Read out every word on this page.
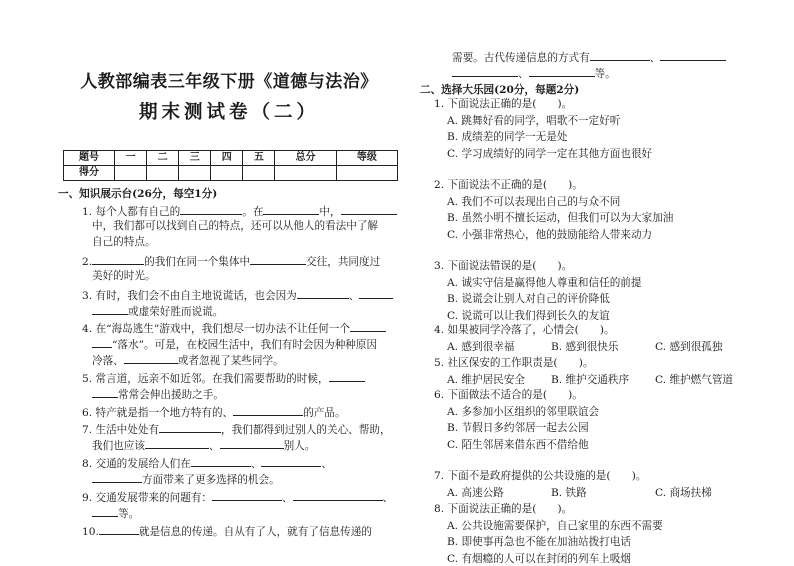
人教部编表三年级下册《道德与法治》
期末测试卷（二）
题号	一	二	三	四	五	总分	等级
得分							
一、知识展示台(26分，每空1分)
1. 每个人都有自己的	。在	中，
中，我们都可以找到自己的特点，还可以从他人的看法中了解
自己的特点。
2.	的我们在同一个集体中	交往，共同度过
美好的时光。
3. 有时，我们会不由自主地说谎话，也会因为	、
或虚荣好胜而说谎。
4. 在“海岛逃生”游戏中，我们想尽一切办法不让任何一个
“落水”。可是，在校园生活中，我们有时会因为种种原因
冷落、	或者忽视了某些同学。
5. 常言道，远亲不如近邻。在我们需要帮助的时候，
常常会伸出援助之手。
6. 特产就是指一个地方特有的、	的产品。
7. 生活中处处有	，我们都得到过别人的关心、帮助，
我们也应该	、	别人。
8. 交通的发展给人们在	、	、
方面带来了更多选择的机会。
9. 交通发展带来的问题有：	、	、
等。
10.	就是信息的传递。自从有了人，就有了信息传递的
需要。古代传递信息的方式有	、
、	等。
二、选择大乐园(20分，每题2分)
1. 下面说法正确的是(　　)。
A. 跳舞好看的同学，唱歌不一定好听
B. 成绩差的同学一无是处
C. 学习成绩好的同学一定在其他方面也很好
2. 下面说法不正确的是(　　)。
A. 我们不可以表现出自己的与众不同
B. 虽然小明不擅长运动，但我们可以为大家加油
C. 小强非常热心，他的鼓励能给人带来动力
3. 下面说法错误的是(　　)。
A. 诚实守信是赢得他人尊重和信任的前提
B. 说谎会让别人对自己的评价降低
C. 说谎可以让我们得到长久的友谊
4. 如果被同学冷落了，心情会(　　)。
A. 感到很幸福	B. 感到很快乐	C. 感到很孤独
5. 社区保安的工作职责是(　　)。
A. 维护居民安全 B. 维护交通秩序 C. 维护燃气管道
6. 下面做法不适合的是(　　)。
A. 多参加小区组织的邻里联谊会
B. 节假日多约邻居一起去公园
C. 陌生邻居来借东西不借给他
7. 下面不是政府提供的公共设施的是(　　)。
A. 高速公路	B. 铁路	C. 商场扶梯
8. 下面说法正确的是(　　)。
A. 公共设施需要保护，自己家里的东西不需要
B. 即使事再急也不能在加油站拨打电话
C. 有烟瘾的人可以在封闭的列车上吸烟
